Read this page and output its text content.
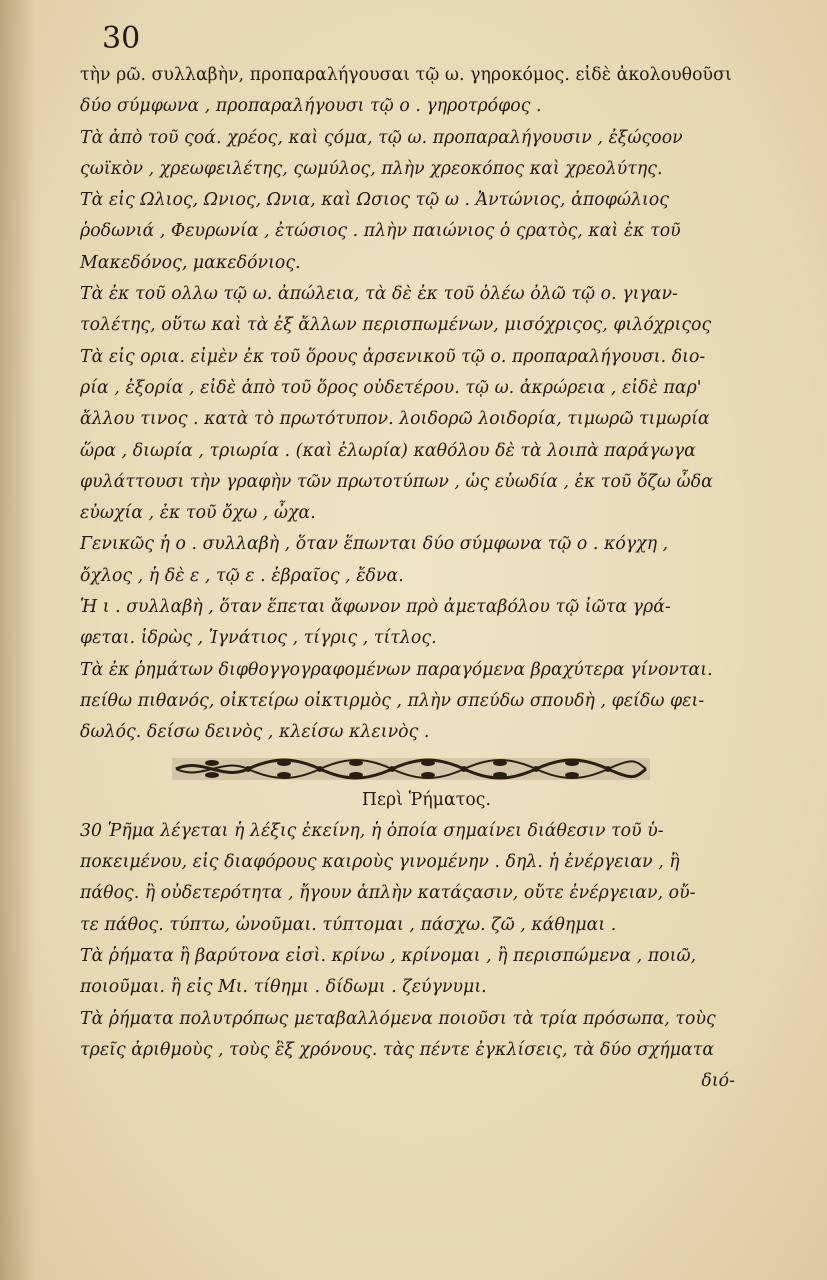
30
τὴν ρῶ. συλλαβὴν, προπαραλήγουσαι τῷ ω. γηροκόμος. εἰδὲ ἀκολουθοῦσι
δύο σύμφωνα , προπαραλήγουσι τῷ ο . γηροτρόφος .
Τὰ ἀπὸ τοῦ ςοά. χρέος, καὶ ςόμα, τῷ ω. προπαραλήγουσιν , ἐξώςοον
ςωϊκὸν , χρεωφειλέτης, ςωμύλος, πλὴν χρεοκόπος καὶ χρεολύτης.
Τὰ εἰς Ωλιος, Ωνιος, Ωνια, καὶ Ωσιος τῷ ω . Ἀντώνιος, ἀποφώλιος
ῥοδωνιά , Φευρωνία , ἐτώσιος . πλὴν παιώνιος ὁ ςρατὸς, καὶ ἐκ τοῦ
Μακεδόνος, μακεδόνιος.
Τὰ ἐκ τοῦ ολλω τῷ ω. ἀπώλεια, τὰ δὲ ἐκ τοῦ ὀλέω ὀλῶ τῷ ο. γιγαν-
τολέτης, οὕτω καὶ τὰ ἐξ ἄλλων περισπωμένων, μισόχριςος, φιλόχριςος
Τὰ εἰς ορια. εἰμὲν ἐκ τοῦ ὅρους ἀρσενικοῦ τῷ ο. προπαραλήγουσι. διο-
ρία , ἐξορία , εἰδὲ ἀπὸ τοῦ ὅρος οὐδετέρου. τῷ ω. ἀκρώρεια , εἰδὲ παρ'
ἄλλου τινος . κατὰ τὸ πρωτότυπον. λοιδορῶ λοιδορία, τιμωρῶ τιμωρία
ὥρα , διωρία , τριωρία . (καὶ ἐλωρία) καθόλου δὲ τὰ λοιπὰ παράγωγα
φυλάττουσι τὴν γραφὴν τῶν πρωτοτύπων , ὡς εὐωδία , ἐκ τοῦ ὄζω ὦδα
εὐωχία , ἐκ τοῦ ὄχω , ὦχα.
Γενικῶς ἡ ο . συλλαβὴ , ὅταν ἕπωνται δύο σύμφωνα τῷ ο . κόγχη ,
ὄχλος , ἡ δὲ ε , τῷ ε . ἑβραῖος , ἔδνα.
Ἡ ι . συλλαβὴ , ὅταν ἕπεται ἄφωνον πρὸ ἀμεταβόλου τῷ ἰῶτα γρά-
φεται. ἱδρὼς , Ἰγνάτιος , τίγρις , τίτλος.
Τὰ ἐκ ῥημάτων διφθογγογραφομένων παραγόμενα βραχύτερα γίνονται.
πείθω πιθανός, οἰκτείρω οἰκτιρμὸς , πλὴν σπεύδω σπουδὴ , φείδω φει-
δωλός. δείσω δεινὸς , κλείσω κλεινὸς .
Περὶ Ῥήματος.
30 Ῥῆμα λέγεται ἡ λέξις ἐκείνη, ἡ ὁποία σημαίνει διάθεσιν τοῦ ὑ-
ποκειμένου, εἰς διαφόρους καιροὺς γινομένην . δηλ. ἡ ἐνέργειαν , ἢ
πάθος. ἢ οὐδετερότητα , ἤγουν ἁπλὴν κατάςασιν, οὔτε ἐνέργειαν, οὔ-
τε πάθος. τύπτω, ὠνοῦμαι. τύπτομαι , πάσχω. ζῶ , κάθημαι .
Τὰ ῥήματα ἢ βαρύτονα εἰσὶ. κρίνω , κρίνομαι , ἢ περισπώμενα , ποιῶ,
ποιοῦμαι. ἢ εἰς Μι. τίθημι . δίδωμι . ζεύγνυμι.
Τὰ ῥήματα πολυτρόπως μεταβαλλόμενα ποιοῦσι τὰ τρία πρόσωπα, τοὺς
τρεῖς ἀριθμοὺς , τοὺς ἓξ χρόνους. τὰς πέντε ἐγκλίσεις, τὰ δύο σχήματα
διό-
